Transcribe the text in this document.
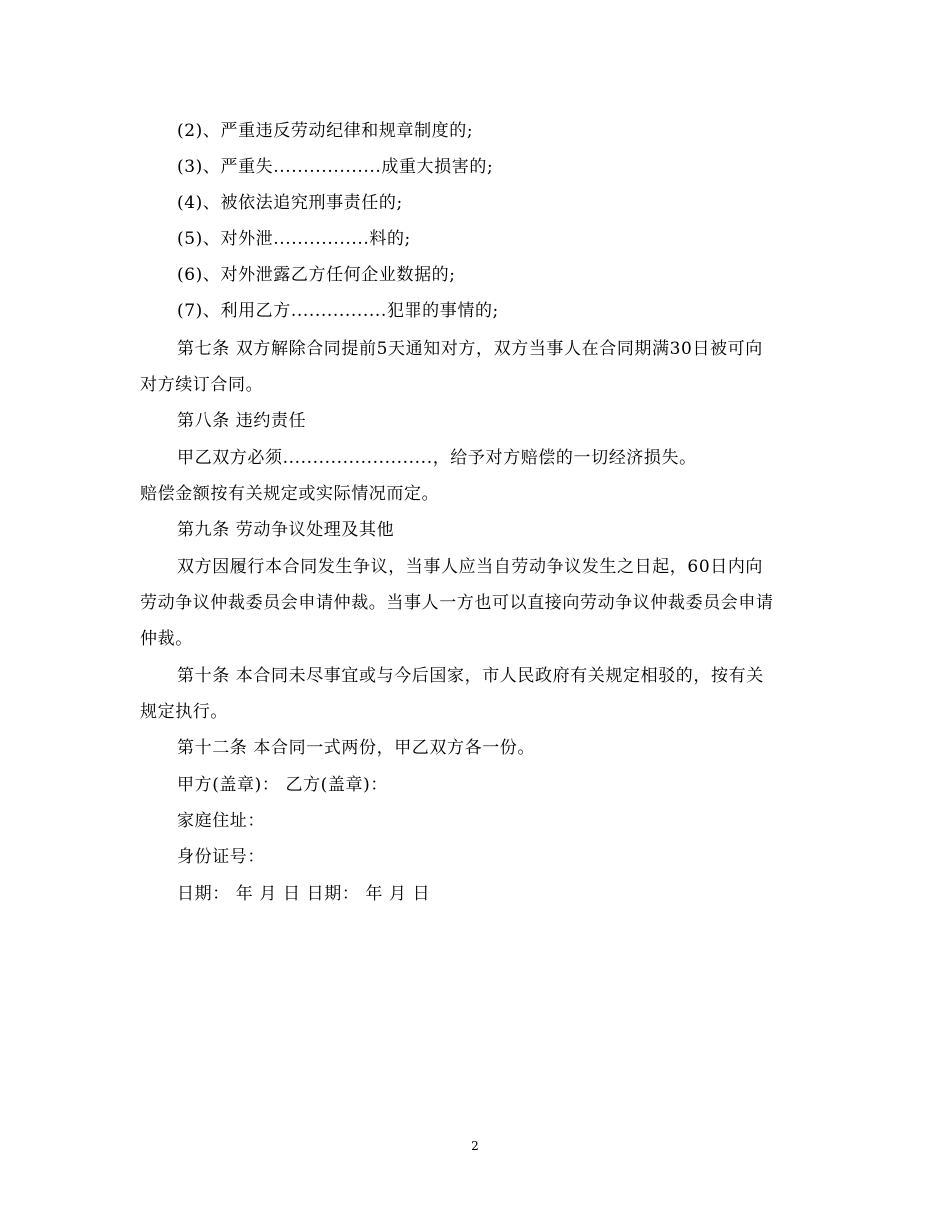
(2)、严重违反劳动纪律和规章制度的;
(3)、严重失..................成重大损害的;
(4)、被依法追究刑事责任的;
(5)、对外泄................料的;
(6)、对外泄露乙方任何企业数据的;
(7)、利用乙方................犯罪的事情的;
第七条 双方解除合同提前5天通知对方，双方当事人在合同期满30日被可向
对方续订合同。
第八条 违约责任
甲乙双方必须.........................，给予对方赔偿的一切经济损失。
赔偿金额按有关规定或实际情况而定。
第九条 劳动争议处理及其他
双方因履行本合同发生争议，当事人应当自劳动争议发生之日起，60日内向
劳动争议仲裁委员会申请仲裁。当事人一方也可以直接向劳动争议仲裁委员会申请
仲裁。
第十条 本合同未尽事宜或与今后国家，市人民政府有关规定相驳的，按有关
规定执行。
第十二条 本合同一式两份，甲乙双方各一份。
甲方(盖章)： 乙方(盖章)：
家庭住址：
身份证号：
日期： 年 月 日 日期： 年 月 日
2
